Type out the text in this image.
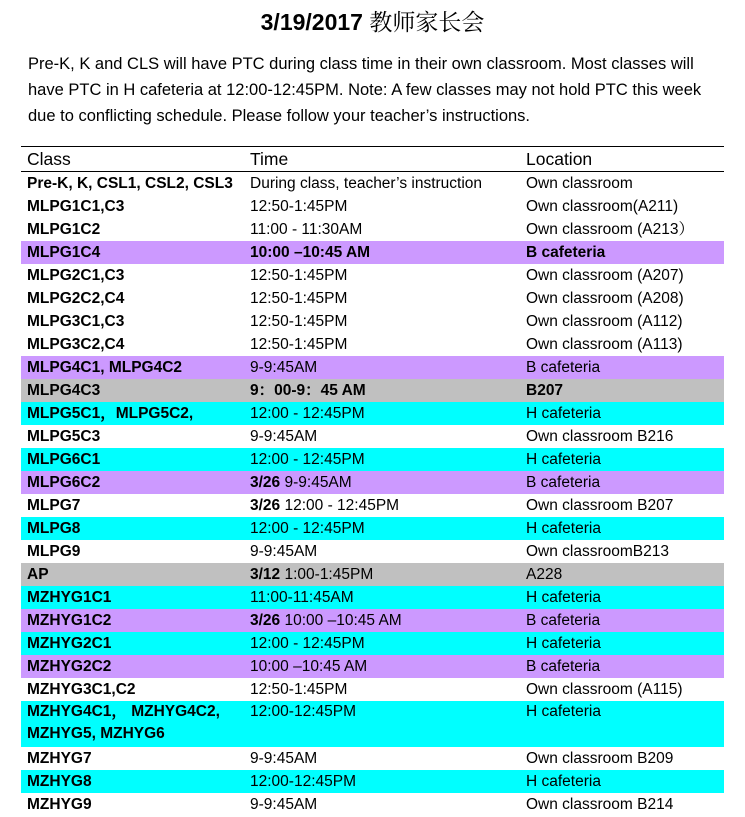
3/19/2017 教师家长会
Pre-K, K and CLS will have PTC during class time in their own classroom. Most classes will have PTC in H cafeteria at 12:00-12:45PM. Note: A few classes may not hold PTC this week due to conflicting schedule. Please follow your teacher’s instructions.
Class	Time	Location
Pre-K, K, CSL1, CSL2, CSL3	During class, teacher’s instruction	Own classroom
MLPG1C1,C3	12:50-1:45PM	Own classroom(A211)
MLPG1C2	11:00 - 11:30AM	Own classroom (A213）
MLPG1C4	10:00 –10:45 AM	B cafeteria
MLPG2C1,C3	12:50-1:45PM	Own classroom (A207)
MLPG2C2,C4	12:50-1:45PM	Own classroom (A208)
MLPG3C1,C3	12:50-1:45PM	Own classroom (A112)
MLPG3C2,C4	12:50-1:45PM	Own classroom (A113)
MLPG4C1, MLPG4C2	9-9:45AM	B cafeteria
MLPG4C3	9：00-9：45 AM	B207
MLPG5C1，MLPG5C2,	12:00 - 12:45PM	H cafeteria
MLPG5C3	9-9:45AM	Own classroom B216
MLPG6C1	12:00 - 12:45PM	H cafeteria
MLPG6C2	3/26 9-9:45AM	B cafeteria
MLPG7	3/26 12:00 - 12:45PM	Own classroom B207
MLPG8	12:00 - 12:45PM	H cafeteria
MLPG9	9-9:45AM	Own classroomB213
AP	3/12 1:00-1:45PM	A228
MZHYG1C1	11:00-11:45AM	H cafeteria
MZHYG1C2	3/26 10:00 –10:45 AM	B cafeteria
MZHYG2C1	12:00 - 12:45PM	H cafeteria
MZHYG2C2	10:00 –10:45 AM	B cafeteria
MZHYG3C1,C2	12:50-1:45PM	Own classroom (A115)
MZHYG4C1， MZHYG4C2, MZHYG5, MZHYG6	12:00-12:45PM	H cafeteria
MZHYG7	9-9:45AM	Own classroom B209
MZHYG8	12:00-12:45PM	H cafeteria
MZHYG9	9-9:45AM	Own classroom B214
